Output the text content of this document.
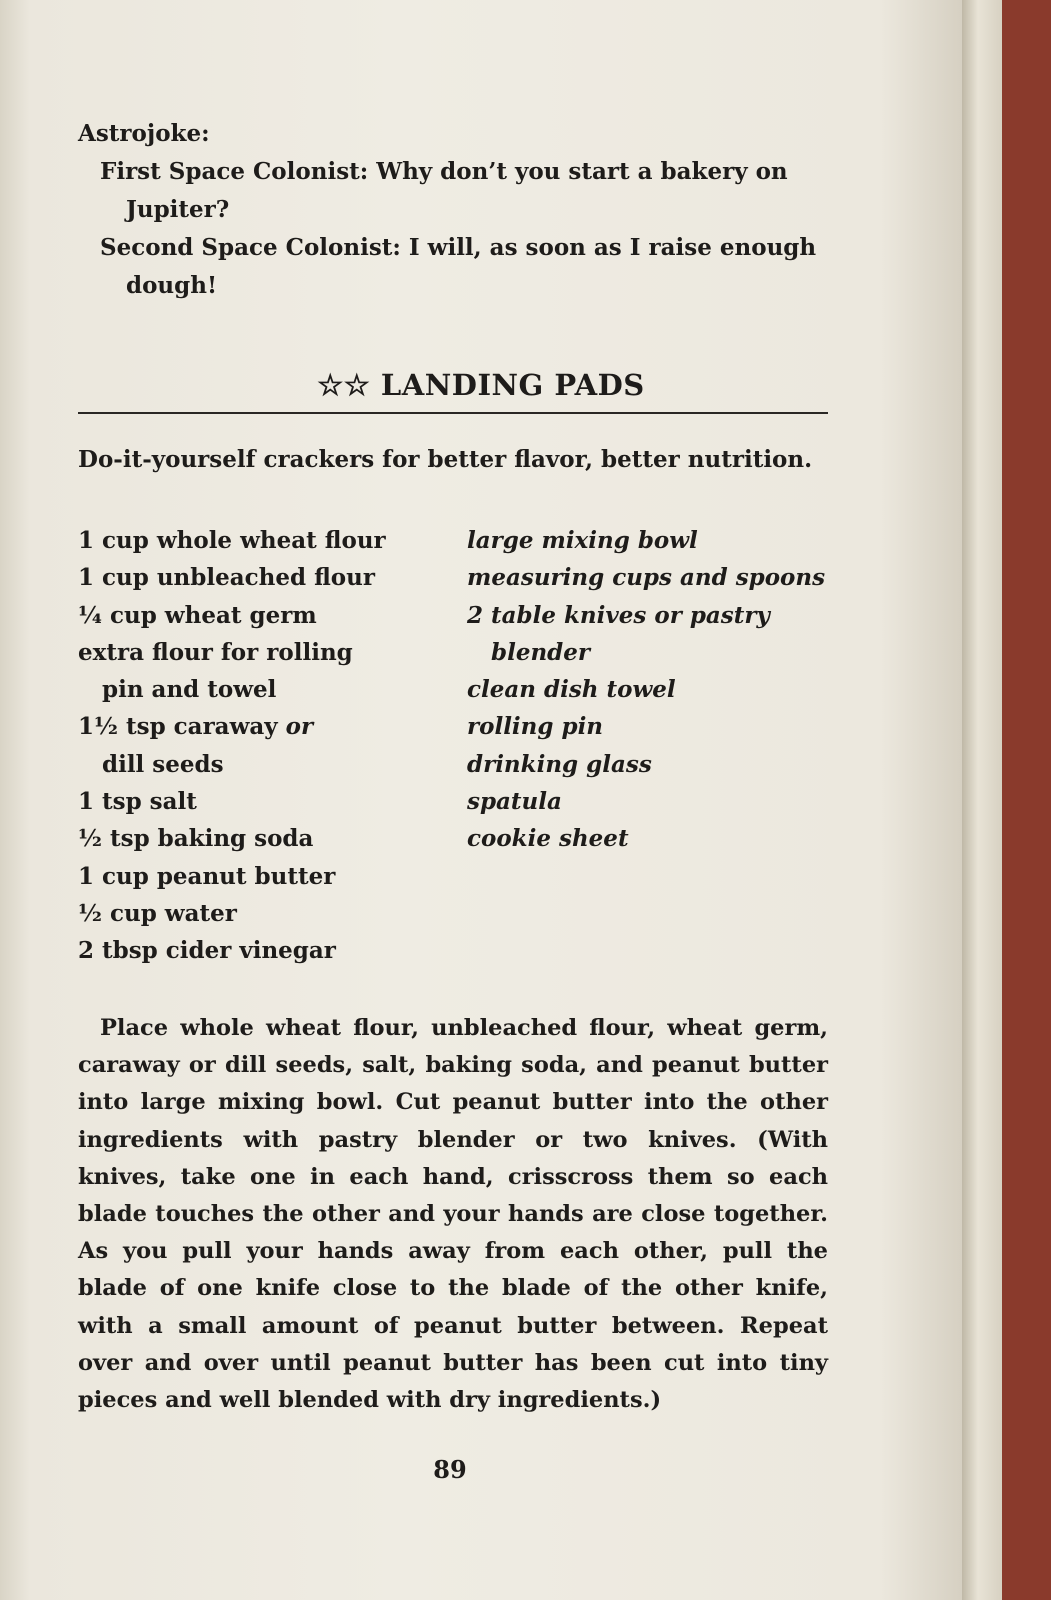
Astrojoke:
First Space Colonist: Why don’t you start a bakery on Jupiter?
Second Space Colonist: I will, as soon as I raise enough dough!
☆☆ LANDING PADS
Do-it-yourself crackers for better flavor, better nutrition.
1 cup whole wheat flour
1 cup unbleached flour
¼ cup wheat germ
extra flour for rolling
pin and towel
1½ tsp caraway or
dill seeds
1 tsp salt
½ tsp baking soda
1 cup peanut butter
½ cup water
2 tbsp cider vinegar
large mixing bowl
measuring cups and spoons
2 table knives or pastry
blender
clean dish towel
rolling pin
drinking glass
spatula
cookie sheet
Place whole wheat flour, unbleached flour, wheat germ, caraway or dill seeds, salt, baking soda, and peanut butter into large mixing bowl. Cut peanut butter into the other ingredients with pastry blender or two knives. (With knives, take one in each hand, crisscross them so each blade touches the other and your hands are close together. As you pull your hands away from each other, pull the blade of one knife close to the blade of the other knife, with a small amount of peanut butter between. Repeat over and over until peanut butter has been cut into tiny pieces and well blended with dry ingredients.)
89
